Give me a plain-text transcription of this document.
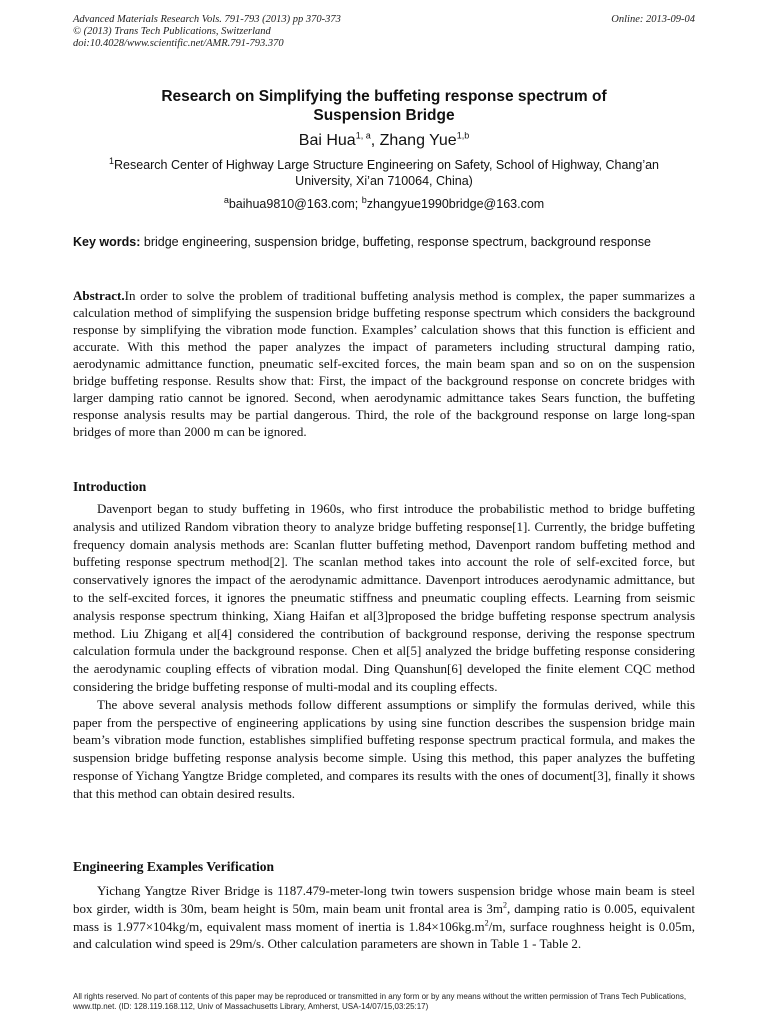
Advanced Materials Research Vols. 791-793 (2013) pp 370-373	Online: 2013-09-04
© (2013) Trans Tech Publications, Switzerland
doi:10.4028/www.scientific.net/AMR.791-793.370
Research on Simplifying the buffeting response spectrum of
Suspension Bridge
Bai Hua$^{1, a}$, Zhang Yue$^{1,b}$
$^1$Research Center of Highway Large Structure Engineering on Safety, School of Highway, Chang’an
University, Xi’an 710064, China)
$^a$baihua9810@163.com; $^b$zhangyue1990bridge@163.com
Key words: bridge engineering, suspension bridge, buffeting, response spectrum, background response
Abstract.In order to solve the problem of traditional buffeting analysis method is complex, the paper summarizes a calculation method of simplifying the suspension bridge buffeting response spectrum which considers the background response by simplifying the vibration mode function. Examples’ calculation shows that this function is efficient and accurate. With this method the paper analyzes the impact of parameters including structural damping ratio, aerodynamic admittance function, pneumatic self-excited forces, the main beam span and so on on the suspension bridge buffeting response. Results show that: First, the impact of the background response on concrete bridges with larger damping ratio cannot be ignored. Second, when aerodynamic admittance takes Sears function, the buffeting response analysis results may be partial dangerous. Third, the role of the background response on large long-span bridges of more than 2000 m can be ignored.
Introduction

Davenport began to study buffeting in 1960s, who first introduce the probabilistic method to bridge buffeting analysis and utilized Random vibration theory to analyze bridge buffeting response[1]. Currently, the bridge buffeting frequency domain analysis methods are: Scanlan flutter buffeting method, Davenport random buffeting method and buffeting response spectrum method[2]. The scanlan method takes into account the role of self-excited force, but conservatively ignores the impact of the aerodynamic admittance. Davenport introduces aerodynamic admittance, but to the self-excited forces, it ignores the pneumatic stiffness and pneumatic coupling effects. Learning from seismic analysis response spectrum thinking, Xiang Haifan et al[3]proposed the bridge buffeting response spectrum analysis method. Liu Zhigang et al[4] considered the contribution of background response, deriving the response spectrum calculation formula under the background response. Chen et al[5] analyzed the bridge buffeting response considering the aerodynamic coupling effects of vibration modal. Ding Quanshun[6] developed the finite element CQC method considering the bridge buffeting response of multi-modal and its coupling effects.

The above several analysis methods follow different assumptions or simplify the formulas derived, while this paper from the perspective of engineering applications by using sine function describes the suspension bridge main beam’s vibration mode function, establishes simplified buffeting response spectrum practical formula, and makes the suspension bridge buffeting response analysis become simple. Using this method, this paper analyzes the buffeting response of Yichang Yangtze Bridge completed, and compares its results with the ones of document[3], finally it shows that this method can obtain desired results.

Engineering Examples Verification

Yichang Yangtze River Bridge is 1187.479-meter-long twin towers suspension bridge whose main beam is steel box girder, width is 30m, beam height is 50m, main beam unit frontal area is $3m^2$, damping ratio is 0.005, equivalent mass is 1.977×104kg/m, equivalent mass moment of inertia is $1.84\times 106kg.m^2/m$, surface roughness height is 0.05m, and calculation wind speed is 29m/s. Other calculation parameters are shown in Table 1 - Table 2.

All rights reserved. No part of contents of this paper may be reproduced or transmitted in any form or by any means without the written permission of Trans Tech Publications, www.ttp.net. (ID: 128.119.168.112, Univ of Massachusetts Library, Amherst, USA-14/07/15,03:25:17)
